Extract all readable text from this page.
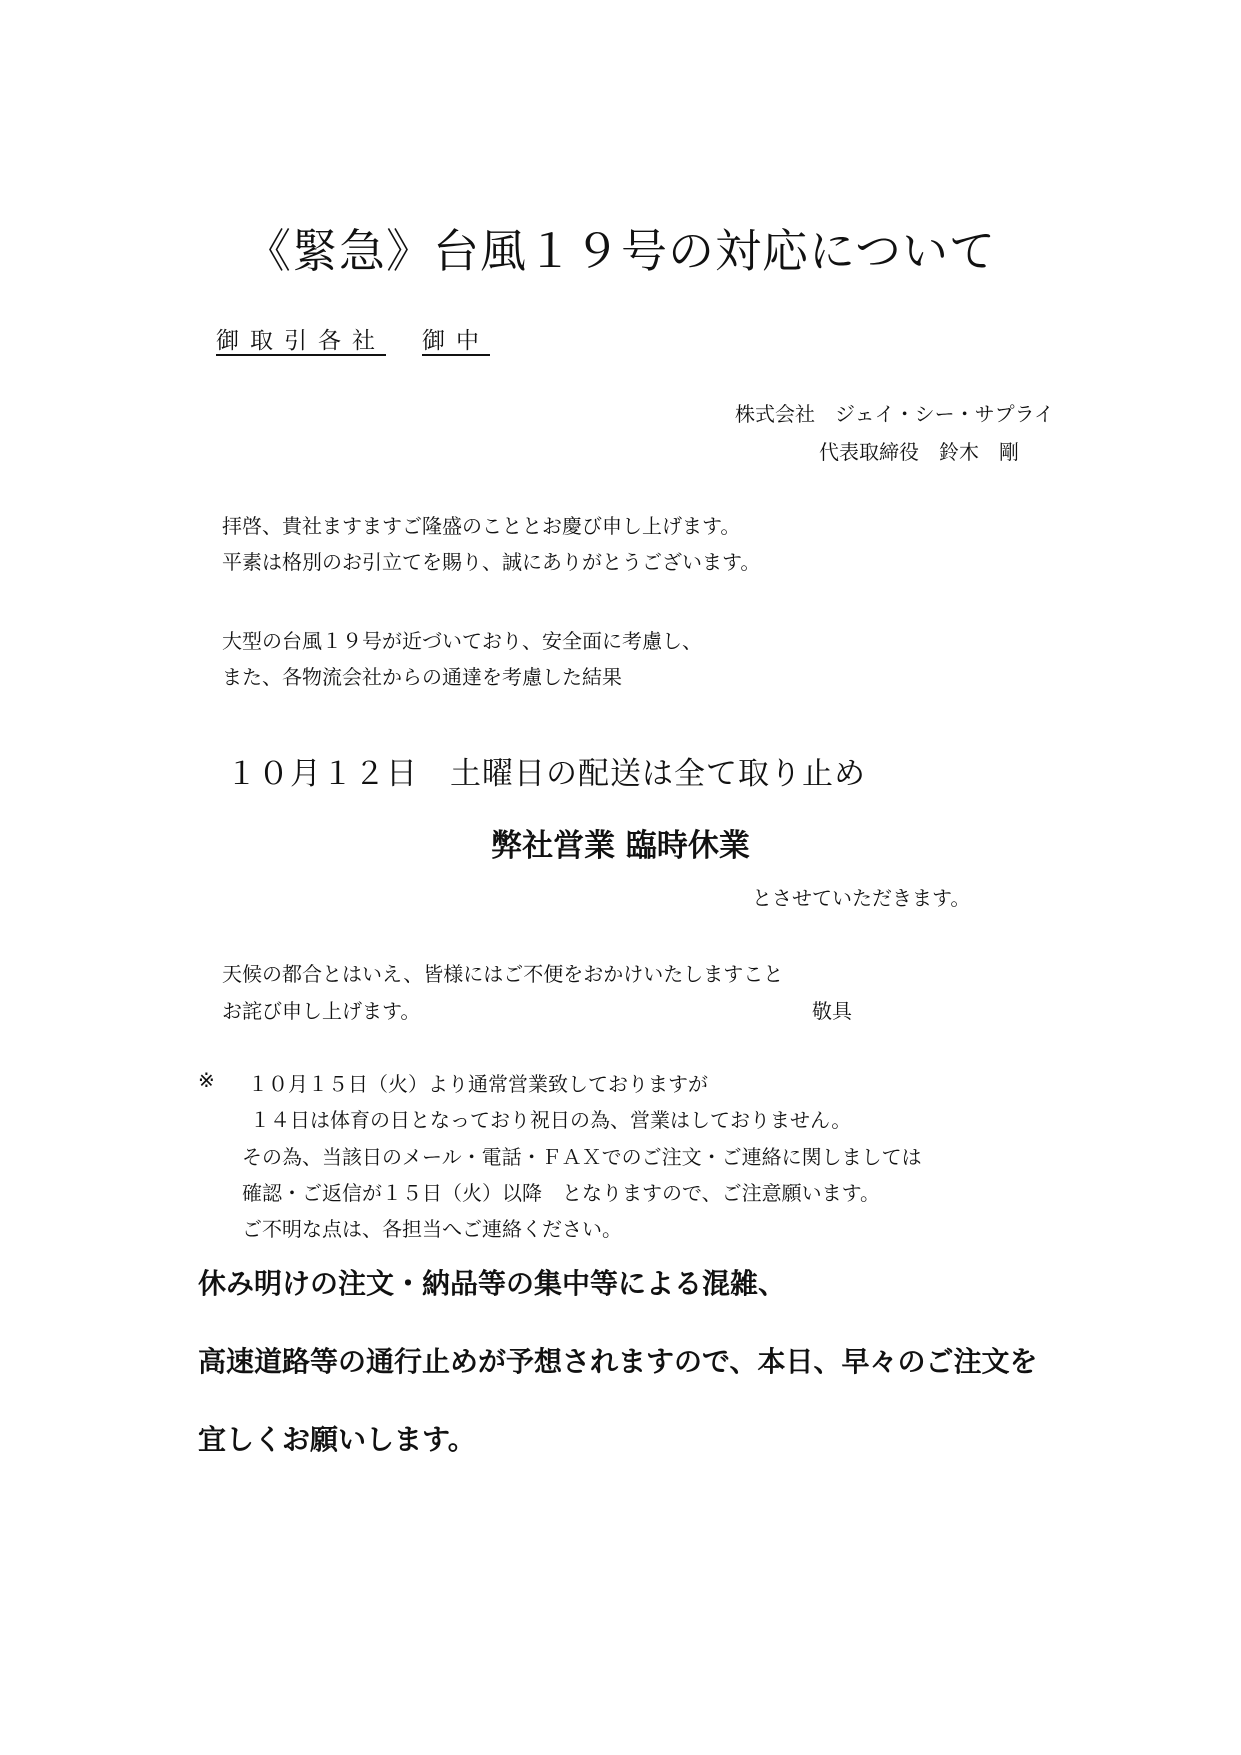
《緊急》台風１９号の対応について
御取引各社 御中
株式会社　ジェイ・シー・サプライ
代表取締役　鈴木　剛
拝啓、貴社ますますご隆盛のこととお慶び申し上げます。
平素は格別のお引立てを賜り、誠にありがとうございます。
大型の台風１９号が近づいており、安全面に考慮し、
また、各物流会社からの通達を考慮した結果
１０月１２日　土曜日の配送は全て取り止め
弊社営業 臨時休業
とさせていただきます。
天候の都合とはいえ、皆様にはご不便をおかけいたしますこと
お詫び申し上げます。	敬具
※ １０月１５日（火）より通常営業致しておりますが
１４日は体育の日となっており祝日の為、営業はしておりません。
その為、当該日のメール・電話・ＦＡＸでのご注文・ご連絡に関しましては
確認・ご返信が１５日（火）以降　となりますので、ご注意願います。
ご不明な点は、各担当へご連絡ください。
休み明けの注文・納品等の集中等による混雑、
高速道路等の通行止めが予想されますので、本日、早々のご注文を
宜しくお願いします。
